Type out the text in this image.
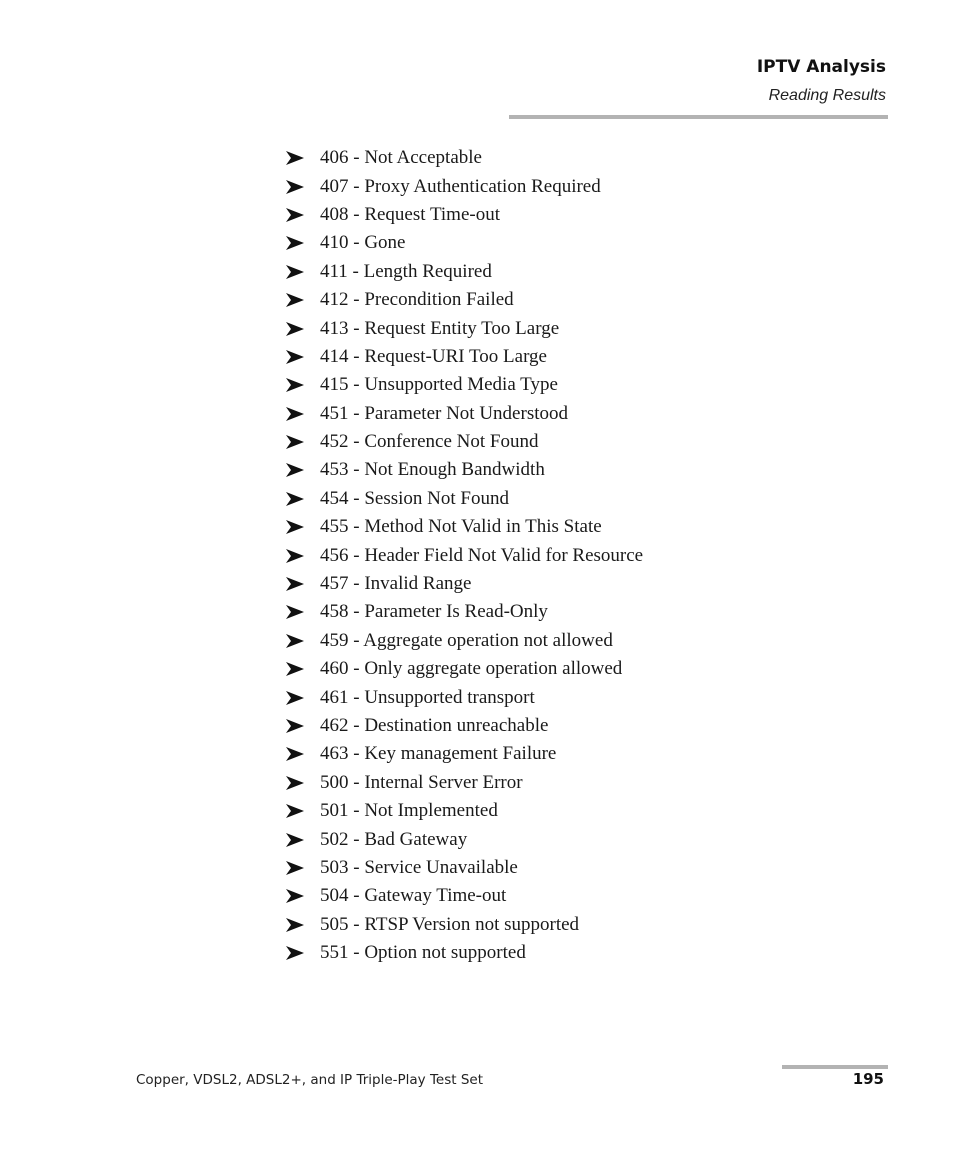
IPTV Analysis
Reading Results
406 - Not Acceptable
407 - Proxy Authentication Required
408 - Request Time-out
410 - Gone
411 - Length Required
412 - Precondition Failed
413 - Request Entity Too Large
414 - Request-URI Too Large
415 - Unsupported Media Type
451 - Parameter Not Understood
452 - Conference Not Found
453 - Not Enough Bandwidth
454 - Session Not Found
455 - Method Not Valid in This State
456 - Header Field Not Valid for Resource
457 - Invalid Range
458 - Parameter Is Read-Only
459 - Aggregate operation not allowed
460 - Only aggregate operation allowed
461 - Unsupported transport
462 - Destination unreachable
463 - Key management Failure
500 - Internal Server Error
501 - Not Implemented
502 - Bad Gateway
503 - Service Unavailable
504 - Gateway Time-out
505 - RTSP Version not supported
551 - Option not supported
Copper, VDSL2, ADSL2+, and IP Triple-Play Test Set	195
